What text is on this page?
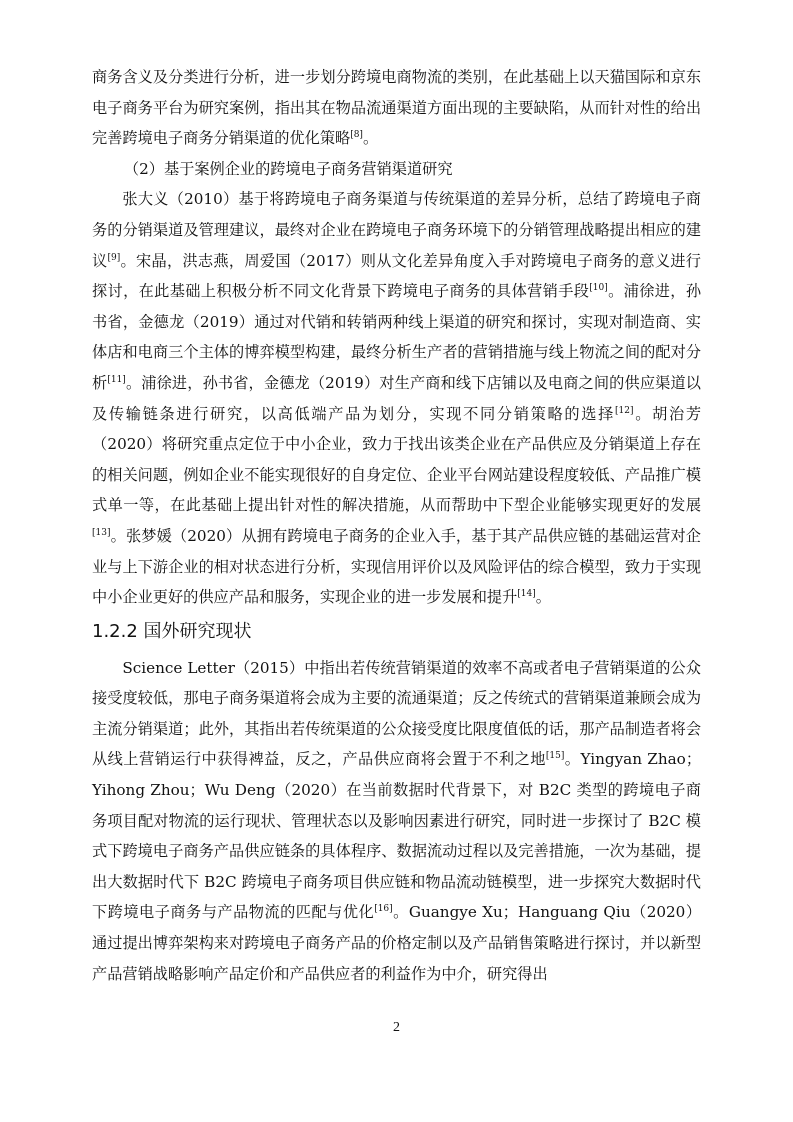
商务含义及分类进行分析，进一步划分跨境电商物流的类别，在此基础上以天猫国际和京东电子商务平台为研究案例，指出其在物品流通渠道方面出现的主要缺陷，从而针对性的给出完善跨境电子商务分销渠道的优化策略[8]。

（2）基于案例企业的跨境电子商务营销渠道研究

张大义（2010）基于将跨境电子商务渠道与传统渠道的差异分析，总结了跨境电子商务的分销渠道及管理建议，最终对企业在跨境电子商务环境下的分销管理战略提出相应的建议[9]。宋晶，洪志燕，周爱国（2017）则从文化差异角度入手对跨境电子商务的意义进行探讨，在此基础上积极分析不同文化背景下跨境电子商务的具体营销手段[10]。浦徐进，孙书省，金德龙（2019）通过对代销和转销两种线上渠道的研究和探讨，实现对制造商、实体店和电商三个主体的博弈模型构建，最终分析生产者的营销措施与线上物流之间的配对分析[11]。浦徐进，孙书省，金德龙（2019）对生产商和线下店铺以及电商之间的供应渠道以及传输链条进行研究，以高低端产品为划分，实现不同分销策略的选择[12]。胡治芳（2020）将研究重点定位于中小企业，致力于找出该类企业在产品供应及分销渠道上存在的相关问题，例如企业不能实现很好的自身定位、企业平台网站建设程度较低、产品推广模式单一等，在此基础上提出针对性的解决措施，从而帮助中下型企业能够实现更好的发展[13]。张梦媛（2020）从拥有跨境电子商务的企业入手，基于其产品供应链的基础运营对企业与上下游企业的相对状态进行分析，实现信用评价以及风险评估的综合模型，致力于实现中小企业更好的供应产品和服务，实现企业的进一步发展和提升[14]。

1.2.2 国外研究现状

Science Letter（2015）中指出若传统营销渠道的效率不高或者电子营销渠道的公众接受度较低，那电子商务渠道将会成为主要的流通渠道；反之传统式的营销渠道兼顾会成为主流分销渠道；此外，其指出若传统渠道的公众接受度比限度值低的话，那产品制造者将会从线上营销运行中获得裨益，反之，产品供应商将会置于不利之地[15]。Yingyan Zhao；Yihong Zhou；Wu Deng（2020）在当前数据时代背景下，对 B2C 类型的跨境电子商务项目配对物流的运行现状、管理状态以及影响因素进行研究，同时进一步探讨了 B2C 模式下跨境电子商务产品供应链条的具体程序、数据流动过程以及完善措施，一次为基础，提出大数据时代下 B2C 跨境电子商务项目供应链和物品流动链模型，进一步探究大数据时代下跨境电子商务与产品物流的匹配与优化[16]。Guangye Xu；Hanguang Qiu（2020）通过提出博弈架构来对跨境电子商务产品的价格定制以及产品销售策略进行探讨，并以新型产品营销战略影响产品定价和产品供应者的利益作为中介，研究得出

2
